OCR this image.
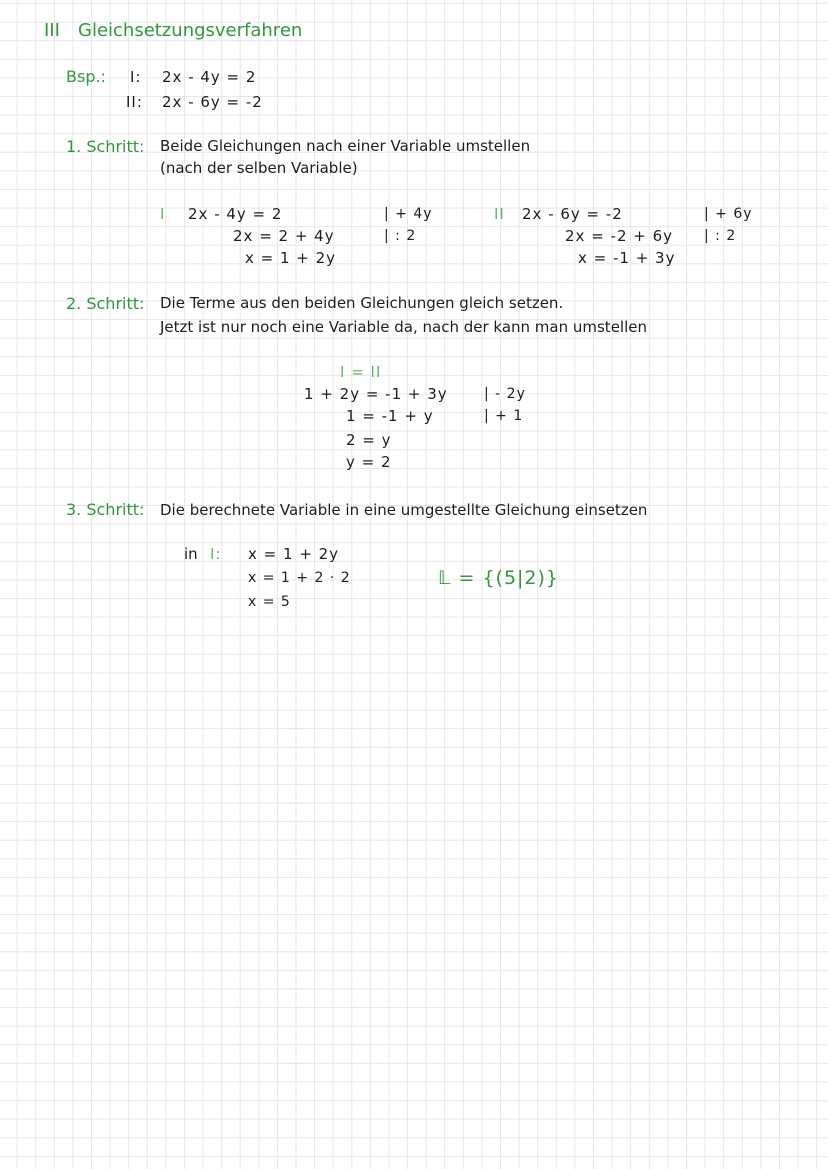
III Gleichsetzungsverfahren
Bsp.: I: 2x - 4y = 2
II: 2x - 6y = -2
1. Schritt: Beide Gleichungen nach einer Variable umstellen
(nach der selben Variable)
I 2x - 4y = 2
2x = 2 + 4y
x = 1 + 2y
| + 4y
| : 2
II 2x - 6y = -2
2x = -2 + 6y
x = -1 + 3y
| + 6y
| : 2
2. Schritt: Die Terme aus den beiden Gleichungen gleich setzen.
Jetzt ist nur noch eine Variable da, nach der kann man umstellen
I = II
1 + 2y = -1 + 3y
1 = -1 + y
2 = y
y = 2
| - 2y
| + 1
3. Schritt: Die berechnete Variable in eine umgestellte Gleichung einsetzen
in I: x = 1 + 2y
x = 1 + 2 · 2
x = 5
𝕃 = {(5|2)}
